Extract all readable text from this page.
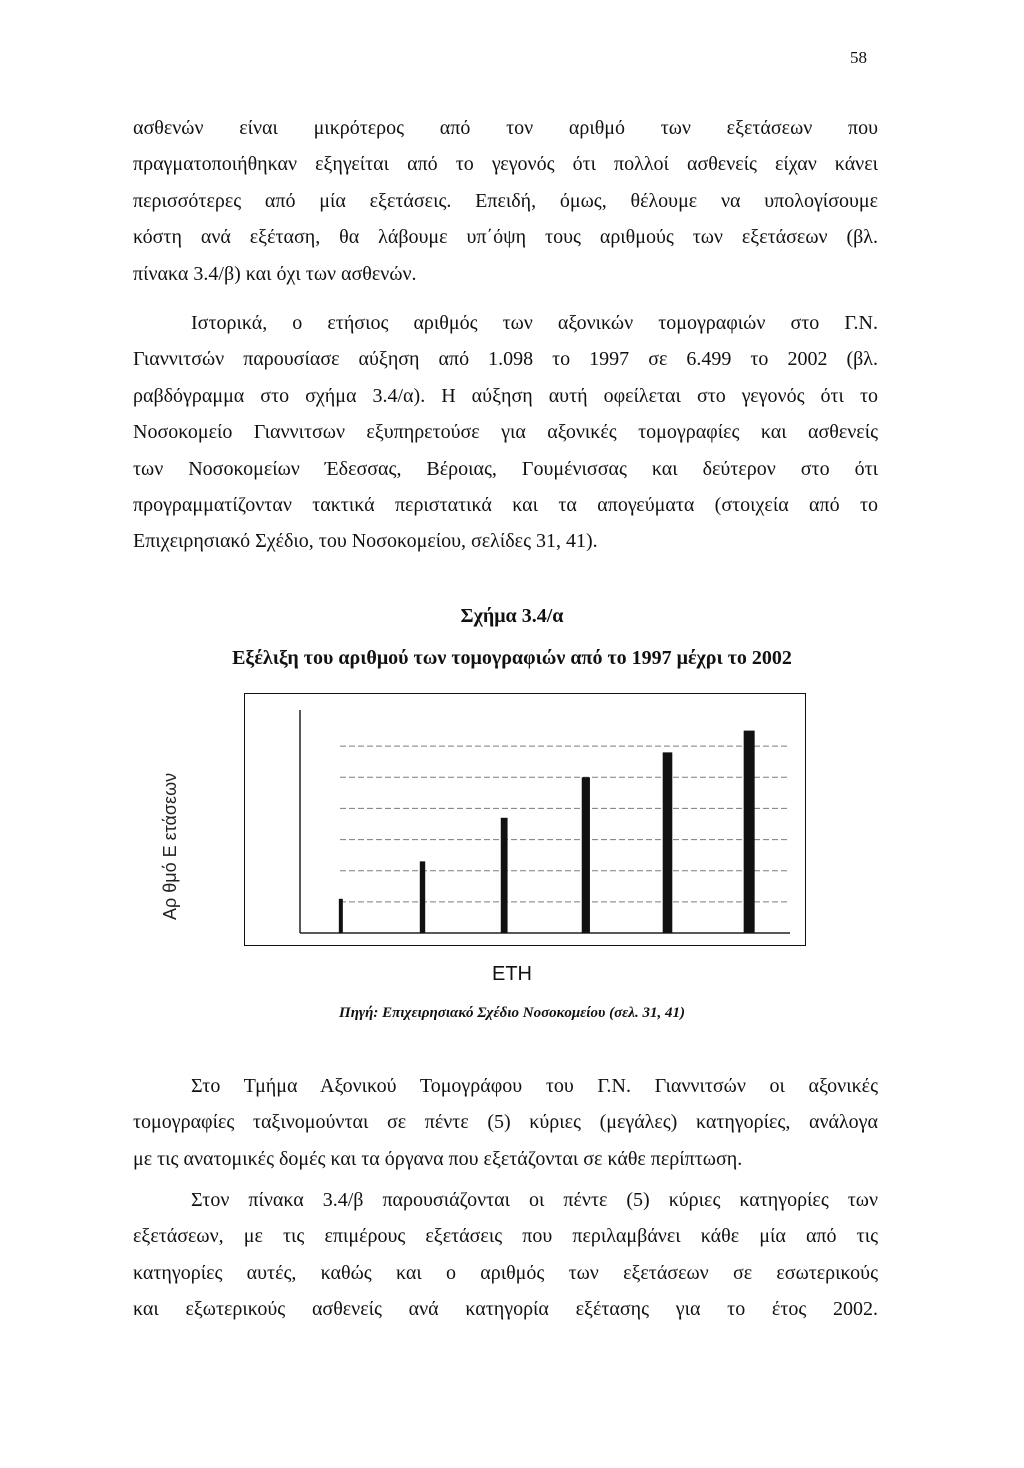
58
ασθενών είναι μικρότερος από τον αριθμό των εξετάσεων που
πραγματοποιήθηκαν εξηγείται από το γεγονός ότι πολλοί ασθενείς είχαν κάνει
περισσότερες από μία εξετάσεις. Επειδή, όμως, θέλουμε να υπολογίσουμε
κόστη ανά εξέταση, θα λάβουμε υπ΄όψη τους αριθμούς των εξετάσεων (βλ.
πίνακα 3.4/β) και όχι των ασθενών.
Ιστορικά, ο ετήσιος αριθμός των αξονικών τομογραφιών στο Γ.Ν.
Γιαννιτσών παρουσίασε αύξηση από 1.098 το 1997 σε 6.499 το 2002 (βλ.
ραβδόγραμμα στο σχήμα 3.4/α). Η αύξηση αυτή οφείλεται στο γεγονός ότι το
Νοσοκομείο Γιαννιτσων εξυπηρετούσε για αξονικές τομογραφίες και ασθενείς
των Νοσοκομείων Έδεσσας, Βέροιας, Γουμένισσας και δεύτερον στο ότι
προγραμματίζονταν τακτικά περιστατικά και τα απογεύματα (στοιχεία από το
Επιχειρησιακό Σχέδιο, του Νοσοκομείου, σελίδες 31, 41).
Σχήμα 3.4/α
Εξέλιξη του αριθμού των τομογραφιών από το 1997 μέχρι το 2002
Αρ θμό Ε ετάσεων
ΕΤΗ
Πηγή: Επιχειρησιακό Σχέδιο Νοσοκομείου (σελ. 31, 41)
Στο Τμήμα Αξονικού Τομογράφου του Γ.Ν. Γιαννιτσών οι αξονικές
τομογραφίες ταξινομούνται σε πέντε (5) κύριες (μεγάλες) κατηγορίες, ανάλογα
με τις ανατομικές δομές και τα όργανα που εξετάζονται σε κάθε περίπτωση.
Στον πίνακα 3.4/β παρουσιάζονται οι πέντε (5) κύριες κατηγορίες των
εξετάσεων, με τις επιμέρους εξετάσεις που περιλαμβάνει κάθε μία από τις
κατηγορίες αυτές, καθώς και ο αριθμός των εξετάσεων σε εσωτερικούς
και εξωτερικούς ασθενείς ανά κατηγορία εξέτασης για το έτος 2002.
